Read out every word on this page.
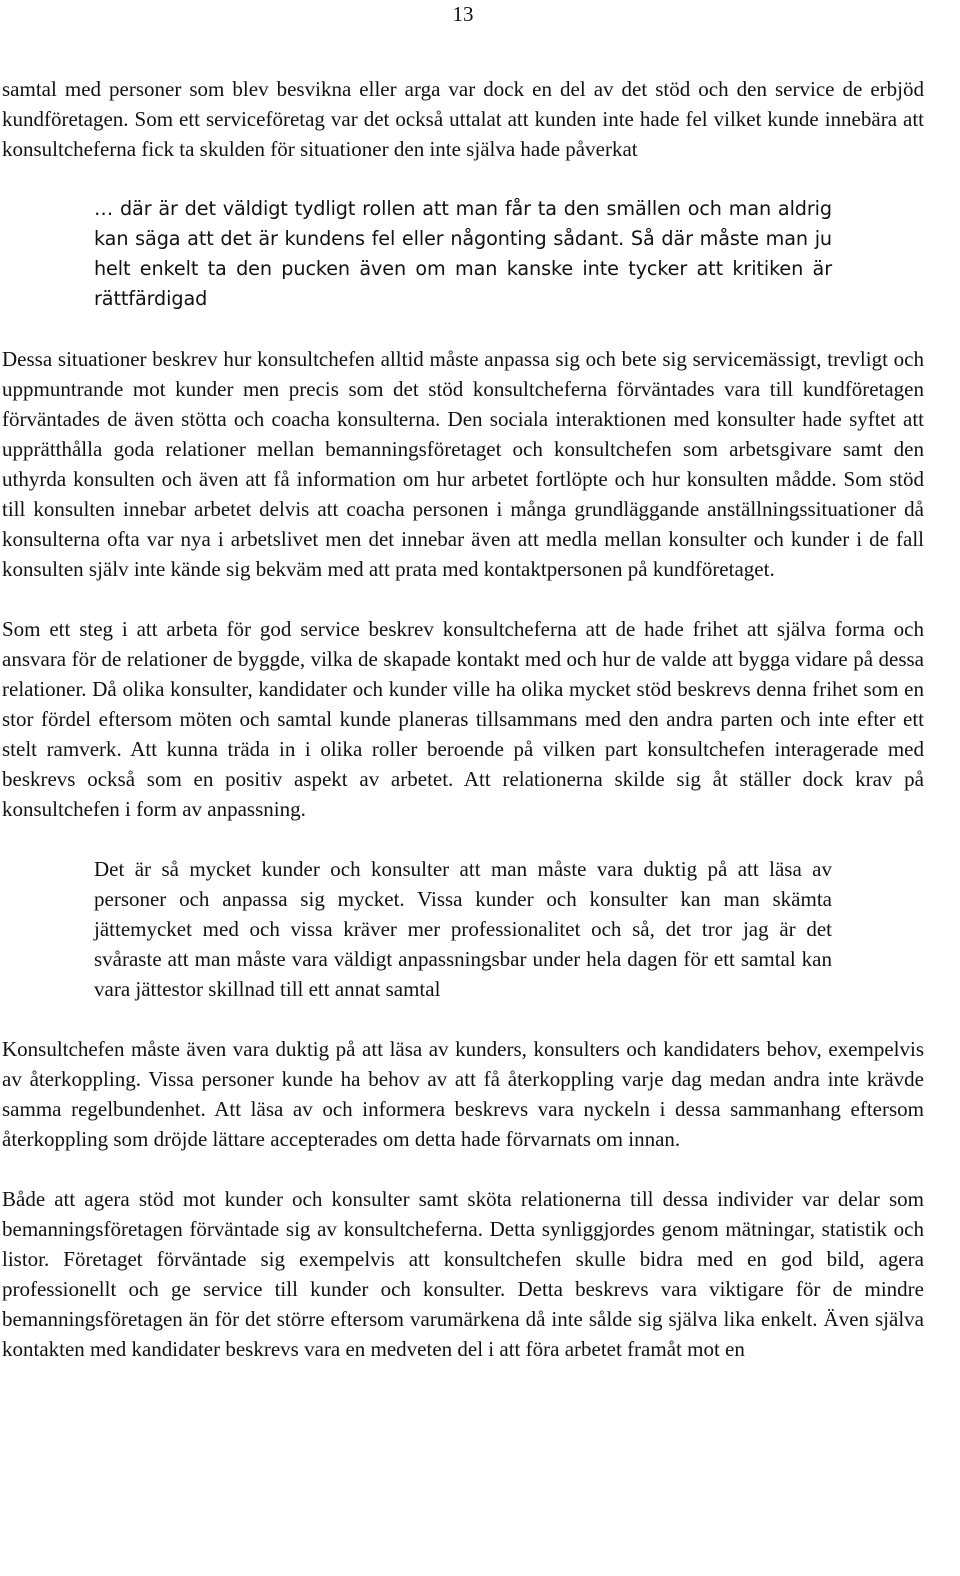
13

samtal med personer som blev besvikna eller arga var dock en del av det stöd och den service de erbjöd kundföretagen. Som ett serviceföretag var det också uttalat att kunden inte hade fel vilket kunde innebära att konsultcheferna fick ta skulden för situationer den inte själva hade påverkat

… där är det väldigt tydligt rollen att man får ta den smällen och man aldrig kan säga att det är kundens fel eller någonting sådant. Så där måste man ju helt enkelt ta den pucken även om man kanske inte tycker att kritiken är rättfärdigad

Dessa situationer beskrev hur konsultchefen alltid måste anpassa sig och bete sig servicemässigt, trevligt och uppmuntrande mot kunder men precis som det stöd konsultcheferna förväntades vara till kundföretagen förväntades de även stötta och coacha konsulterna. Den sociala interaktionen med konsulter hade syftet att upprätthålla goda relationer mellan bemanningsföretaget och konsultchefen som arbetsgivare samt den uthyrda konsulten och även att få information om hur arbetet fortlöpte och hur konsulten mådde. Som stöd till konsulten innebar arbetet delvis att coacha personen i många grundläggande anställningssituationer då konsulterna ofta var nya i arbetslivet men det innebar även att medla mellan konsulter och kunder i de fall konsulten själv inte kände sig bekväm med att prata med kontaktpersonen på kundföretaget.

Som ett steg i att arbeta för god service beskrev konsultcheferna att de hade frihet att själva forma och ansvara för de relationer de byggde, vilka de skapade kontakt med och hur de valde att bygga vidare på dessa relationer. Då olika konsulter, kandidater och kunder ville ha olika mycket stöd beskrevs denna frihet som en stor fördel eftersom möten och samtal kunde planeras tillsammans med den andra parten och inte efter ett stelt ramverk. Att kunna träda in i olika roller beroende på vilken part konsultchefen interagerade med beskrevs också som en positiv aspekt av arbetet. Att relationerna skilde sig åt ställer dock krav på konsultchefen i form av anpassning.

Det är så mycket kunder och konsulter att man måste vara duktig på att läsa av personer och anpassa sig mycket. Vissa kunder och konsulter kan man skämta jättemycket med och vissa kräver mer professionalitet och så, det tror jag är det svåraste att man måste vara väldigt anpassningsbar under hela dagen för ett samtal kan vara jättestor skillnad till ett annat samtal

Konsultchefen måste även vara duktig på att läsa av kunders, konsulters och kandidaters behov, exempelvis av återkoppling. Vissa personer kunde ha behov av att få återkoppling varje dag medan andra inte krävde samma regelbundenhet. Att läsa av och informera beskrevs vara nyckeln i dessa sammanhang eftersom återkoppling som dröjde lättare accepterades om detta hade förvarnats om innan.

Både att agera stöd mot kunder och konsulter samt sköta relationerna till dessa individer var delar som bemanningsföretagen förväntade sig av konsultcheferna. Detta synliggjordes genom mätningar, statistik och listor. Företaget förväntade sig exempelvis att konsultchefen skulle bidra med en god bild, agera professionellt och ge service till kunder och konsulter. Detta beskrevs vara viktigare för de mindre bemanningsföretagen än för det större eftersom varumärkena då inte sålde sig själva lika enkelt. Även själva kontakten med kandidater beskrevs vara en medveten del i att föra arbetet framåt mot en
